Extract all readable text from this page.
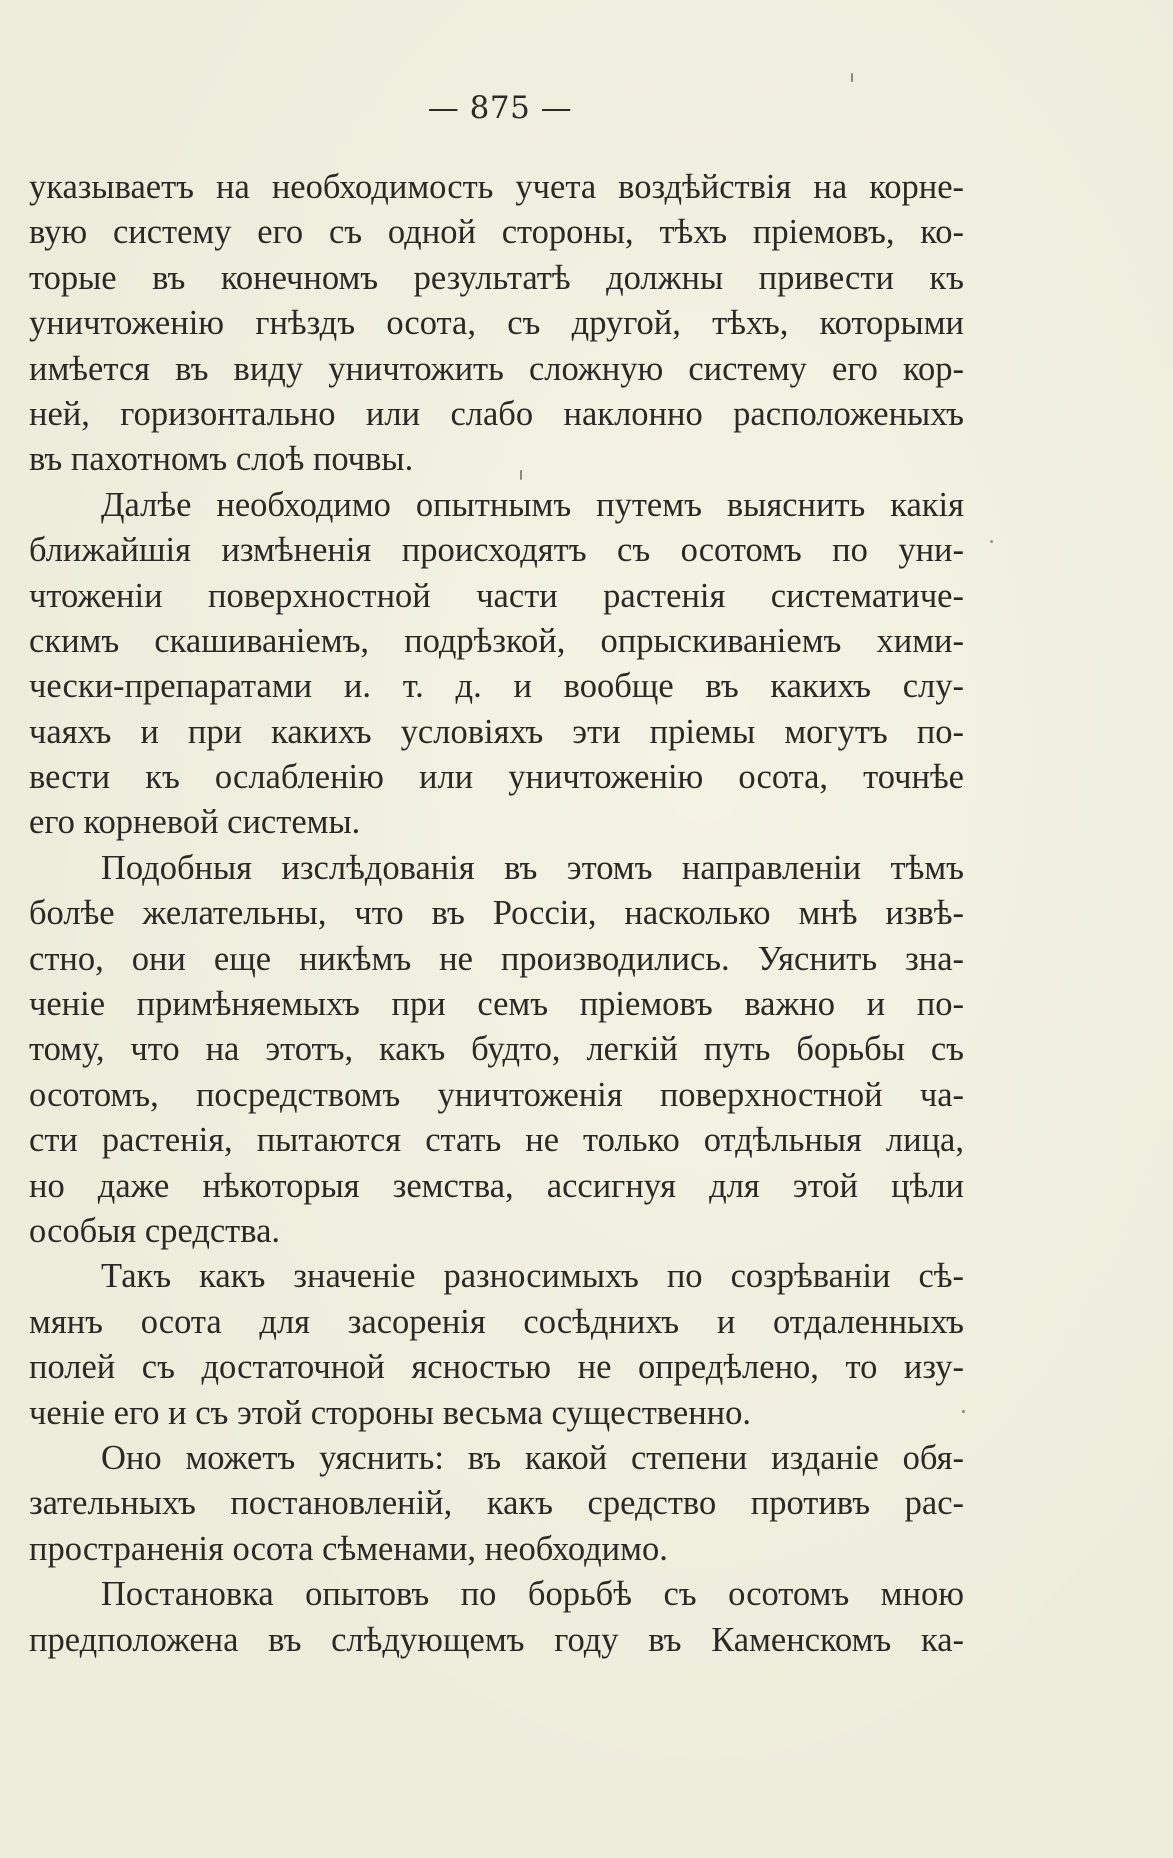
— 875 —
указываетъ на необходимость учета воздѣйствія на корне-
вую систему его съ одной стороны, тѣхъ пріемовъ, ко-
торые въ конечномъ результатѣ должны привести къ
уничтоженію гнѣздъ осота, съ другой, тѣхъ, которыми
имѣется въ виду уничтожить сложную систему его кор-
ней, горизонтально или слабо наклонно расположеныхъ
въ пахотномъ слоѣ почвы.
Далѣе необходимо опытнымъ путемъ выяснить какія
ближайшія измѣненія происходятъ съ осотомъ по уни-
чтоженіи поверхностной части растенія систематиче-
скимъ скашиваніемъ, подрѣзкой, опрыскиваніемъ хими-
чески-препаратами и. т. д. и вообще въ какихъ слу-
чаяхъ и при какихъ условіяхъ эти пріемы могутъ по-
вести къ ослабленію или уничтоженію осота, точнѣе
его корневой системы.
Подобныя изслѣдованія въ этомъ направленіи тѣмъ
болѣе желательны, что въ Россіи, насколько мнѣ извѣ-
стно, они еще никѣмъ не производились. Уяснить зна-
ченіе примѣняемыхъ при семъ пріемовъ важно и по-
тому, что на этотъ, какъ будто, легкій путь борьбы съ
осотомъ, посредствомъ уничтоженія поверхностной ча-
сти растенія, пытаются стать не только отдѣльныя лица,
но даже нѣкоторыя земства, ассигнуя для этой цѣли
особыя средства.
Такъ какъ значеніе разносимыхъ по созрѣваніи сѣ-
мянъ осота для засоренія сосѣднихъ и отдаленныхъ
полей съ достаточной ясностью не опредѣлено, то изу-
ченіе его и съ этой стороны весьма существенно.
Оно можетъ уяснить: въ какой степени изданіе обя-
зательныхъ постановленій, какъ средство противъ рас-
пространенія осота сѣменами, необходимо.
Постановка опытовъ по борьбѣ съ осотомъ мною
предположена въ слѣдующемъ году въ Каменскомъ ка-
